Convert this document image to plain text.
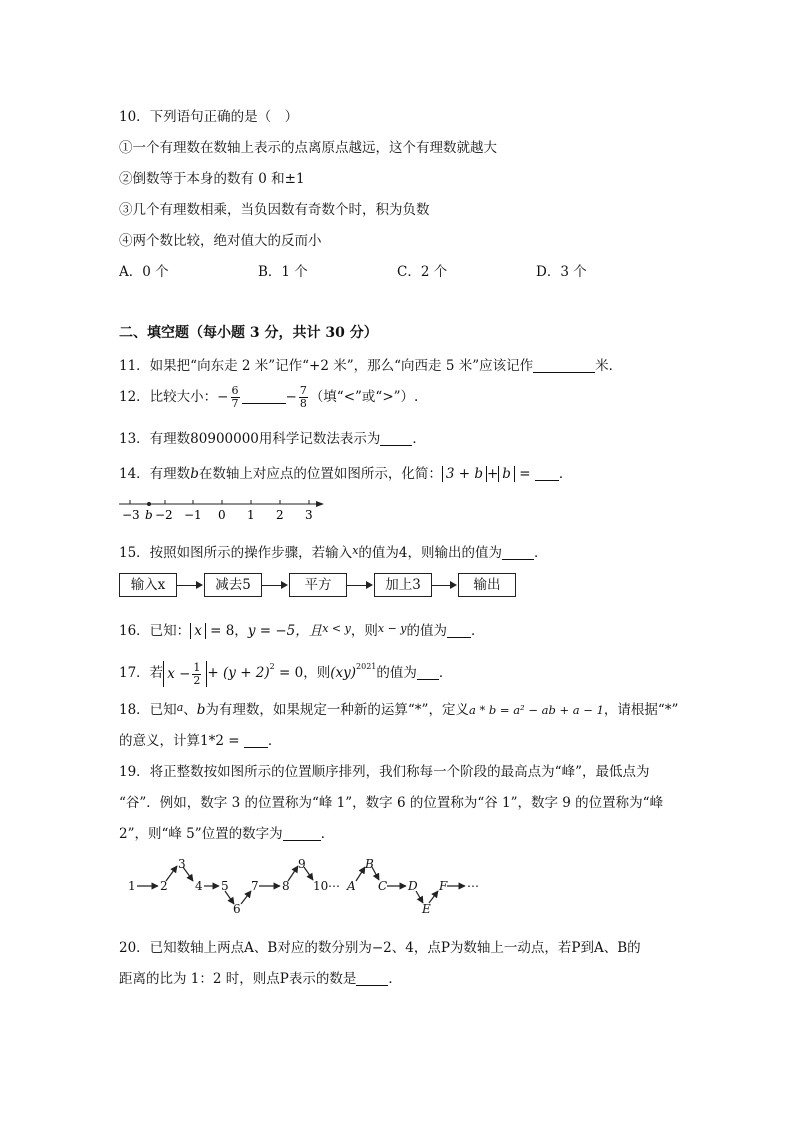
10．下列语句正确的是（　）
①一个有理数在数轴上表示的点离原点越远，这个有理数就越大
②倒数等于本身的数有 0 和±1
③几个有理数相乘，当负因数有奇数个时，积为负数
④两个数比较，绝对值大的反而小
A．0 个	B．1 个	C．2 个	D．3 个
二、填空题（每小题 3 分，共计 30 分）
11．如果把“向东走 2 米”记作“+2 米”，那么“向西走 5 米”应该记作	米．
12．比较大小：− $\frac{6}{7}$	− $\frac{7}{8}$ （填“<”或“>”）.
13．有理数80900000用科学记数法表示为 ．
14．有理数b在数轴上对应点的位置如图所示，化简： 3 + b + b = ．
−3 b −2 −1 0 1 2 3
15．按照如图所示的操作步骤，若输入$^x$的值为4，则输出的值为 ．
输入x	减去5	平方	加上3	输出
16．已知： x = 8，y = −5，且$^{x < y}$，则$^{x - y}$的值为 ．
17．若 $x - \frac{1}{2} + (y + 2)^2 = 0$，则(xy)$^{2021}$的值为 ．
18．已知$^a$、b为有理数，如果规定一种新的运算“*”，定义a * b = a² − ab + a − 1，请根据“*”
的意义，计算1*2 = ．
19．将正整数按如图所示的位置顺序排列，我们称每一个阶段的最高点为“峰”，最低点为
“谷”．例如，数字 3 的位置称为“峰 1”，数字 6 的位置称为“谷 1”，数字 9 的位置称为“峰
2”，则“峰 5”位置的数字为	．
1 2
3
4 5
6
7 8
9
10 ⋯ A
B
C D
E
F ⋯
20．已知数轴上两点A、B对应的数分别为−2、4，点P为数轴上一动点，若P到A、B的
距离的比为 1：2 时，则点P表示的数是 ．
